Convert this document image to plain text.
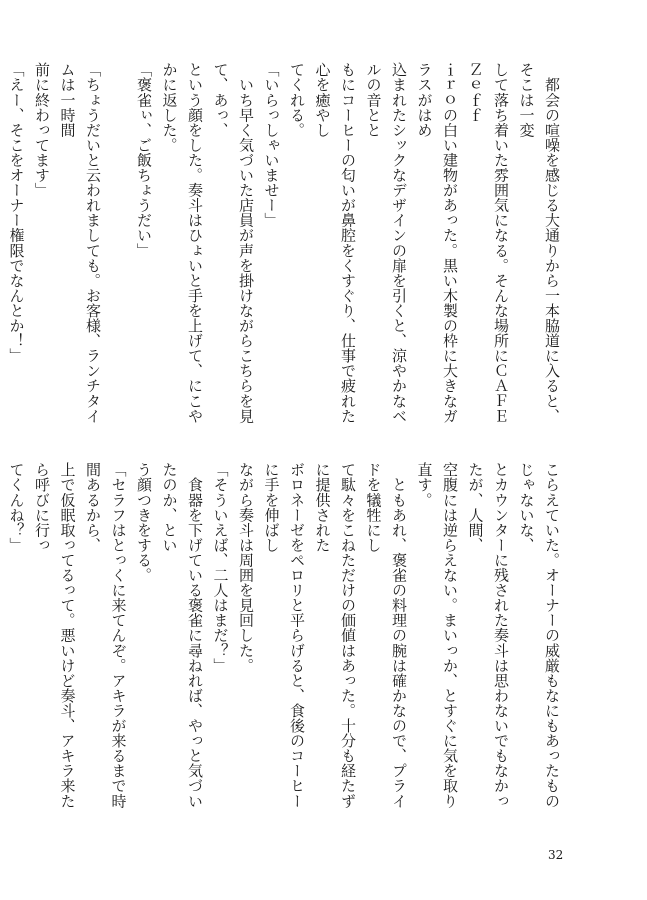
　都会の喧噪を感じる大通りから一本脇道に入ると、そこは一変
して落ち着いた雰囲気になる。そんな場所にＣＡＦＥ　Ｚｅｆｆ
ｉｒｏの白い建物があった。黒い木製の枠に大きなガラスがはめ
込まれたシックなデザインの扉を引くと、涼やかなベルの音とと
もにコーヒーの匂いが鼻腔をくすぐり、仕事で疲れた心を癒やし
てくれる。
「いらっしゃいませー」
　いち早く気づいた店員が声を掛けながらこちらを見て、あっ、
という顔をした。奏斗はひょいと手を上げて、にこやかに返した。
「褒雀ぃ、ご飯ちょうだい」

「ちょうだいと云われましても。お客様、ランチタイムは一時間
前に終わってます」
「えー、そこをオーナー権限でなんとか！」

こらえていた。オーナーの威厳もなにもあったものじゃないな、
とカウンターに残された奏斗は思わないでもなかったが、人間、
空腹には逆らえない。まいっか、とすぐに気を取り直す。
　ともあれ、褒雀の料理の腕は確かなので、プライドを犠牲にし
て駄々をこねただけの価値はあった。十分も経たずに提供された
ボロネーゼをペロリと平らげると、食後のコーヒーに手を伸ばし
ながら奏斗は周囲を見回した。
「そういえば、二人はまだ？」
　食器を下げている褒雀に尋ねれば、やっと気づいたのか、とい
う顔つきをする。
「セラフはとっくに来てんぞ。アキラが来るまで時間あるから、
上で仮眠取ってるって。悪いけど奏斗、アキラ来たら呼びに行っ
てくんね？」

32
